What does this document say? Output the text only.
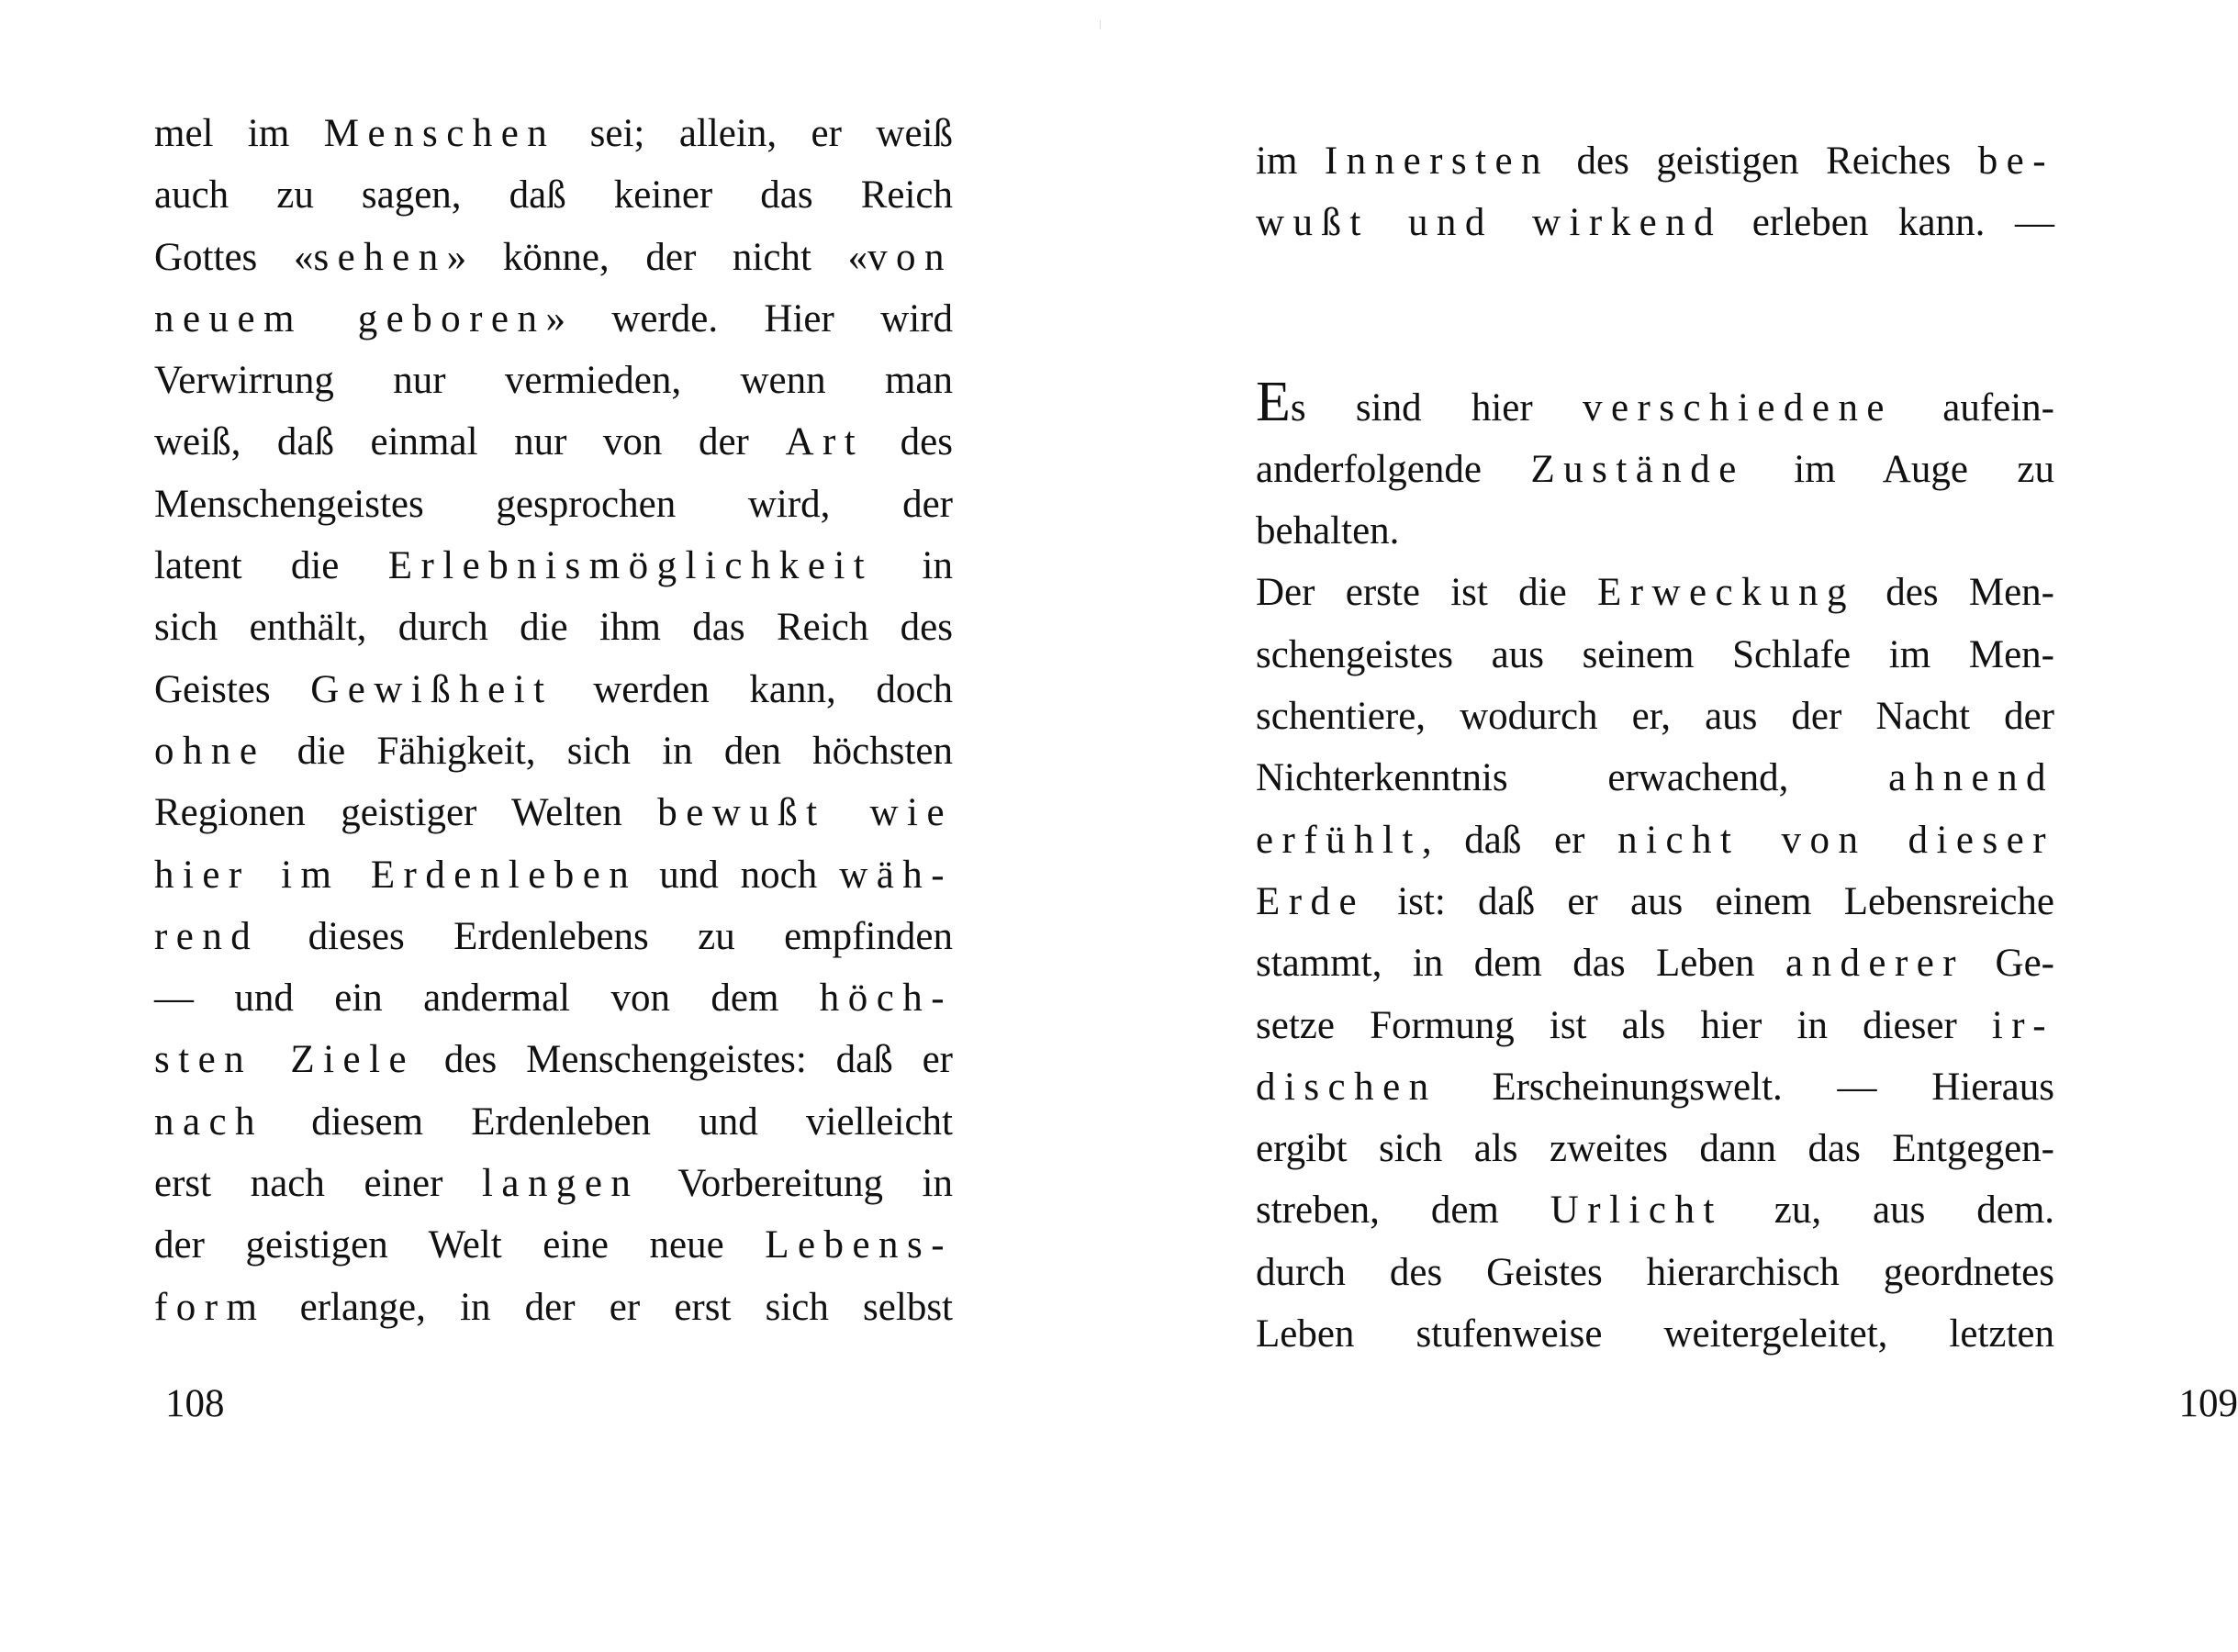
mel im Menschen sei; allein, er weiß
auch zu sagen, daß keiner das Reich
Gottes «sehen» könne, der nicht «von
neuem geboren» werde. Hier wird
Verwirrung nur vermieden, wenn man
weiß, daß einmal nur von der Art des
Menschengeistes gesprochen wird, der
latent die Erlebnismöglichkeit in
sich enthält, durch die ihm das Reich des
Geistes Gewißheit werden kann, doch
ohne die Fähigkeit, sich in den höchsten
Regionen geistiger Welten bewußt wie
hier im Erdenleben und noch wäh-
rend dieses Erdenlebens zu empfinden
— und ein andermal von dem höch-
sten Ziele des Menschengeistes: daß er
nach diesem Erdenleben und vielleicht
erst nach einer langen Vorbereitung in
der geistigen Welt eine neue Lebens-
form erlange, in der er erst sich selbst
108
im Innersten des geistigen Reiches be-
wußt und wirkend erleben kann. —
Es sind hier verschiedene aufein-
anderfolgende Zustände im Auge zu
behalten.
Der erste ist die Erweckung des Men-
schengeistes aus seinem Schlafe im Men-
schentiere, wodurch er, aus der Nacht der
Nichterkenntnis erwachend, ahnend
erfühlt, daß er nicht von dieser
Erde ist: daß er aus einem Lebensreiche
stammt, in dem das Leben anderer Ge-
setze Formung ist als hier in dieser ir-
dischen Erscheinungswelt. — Hieraus
ergibt sich als zweites dann das Entgegen-
streben, dem Urlicht zu, aus dem.
durch des Geistes hierarchisch geordnetes
Leben stufenweise weitergeleitet, letzten
109
